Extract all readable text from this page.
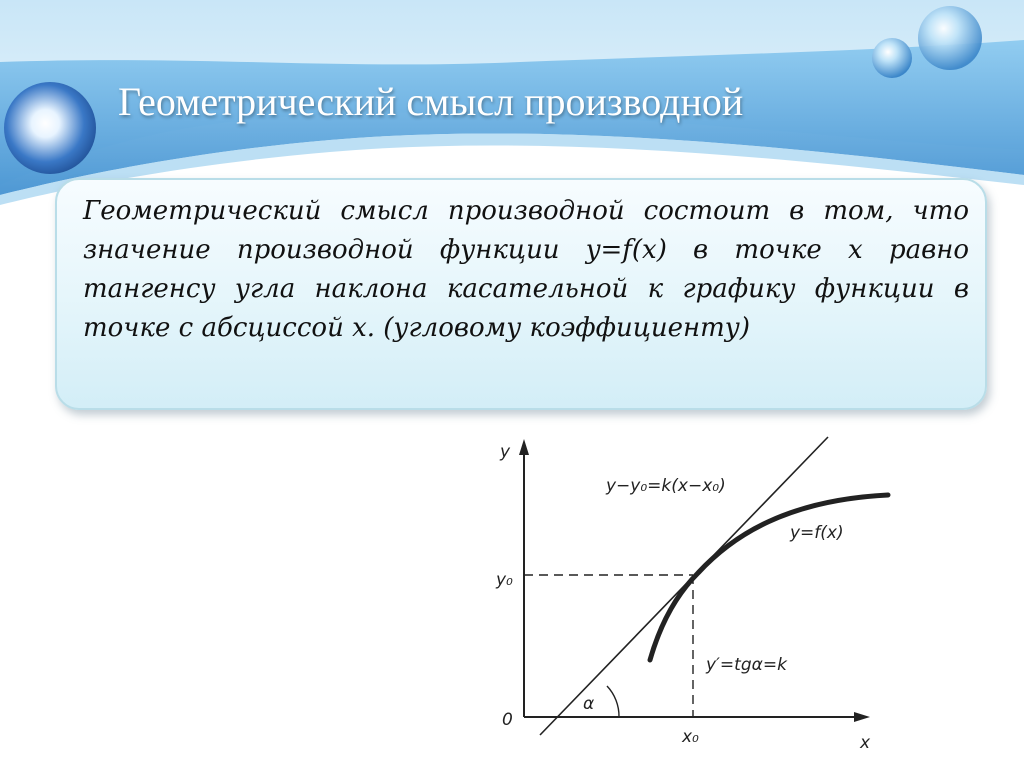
Геометрический смысл производной

Геометрический смысл производной состоит в том, что значение производной функции y=f(x) в точке x равно тангенсу угла наклона касательной к графику функции в точке с абсциссой x. (угловому коэффициенту)

y
x
0
y−y₀=k(x−x₀)
y=f(x)
y₀
x₀
y′=tgα=k
α
